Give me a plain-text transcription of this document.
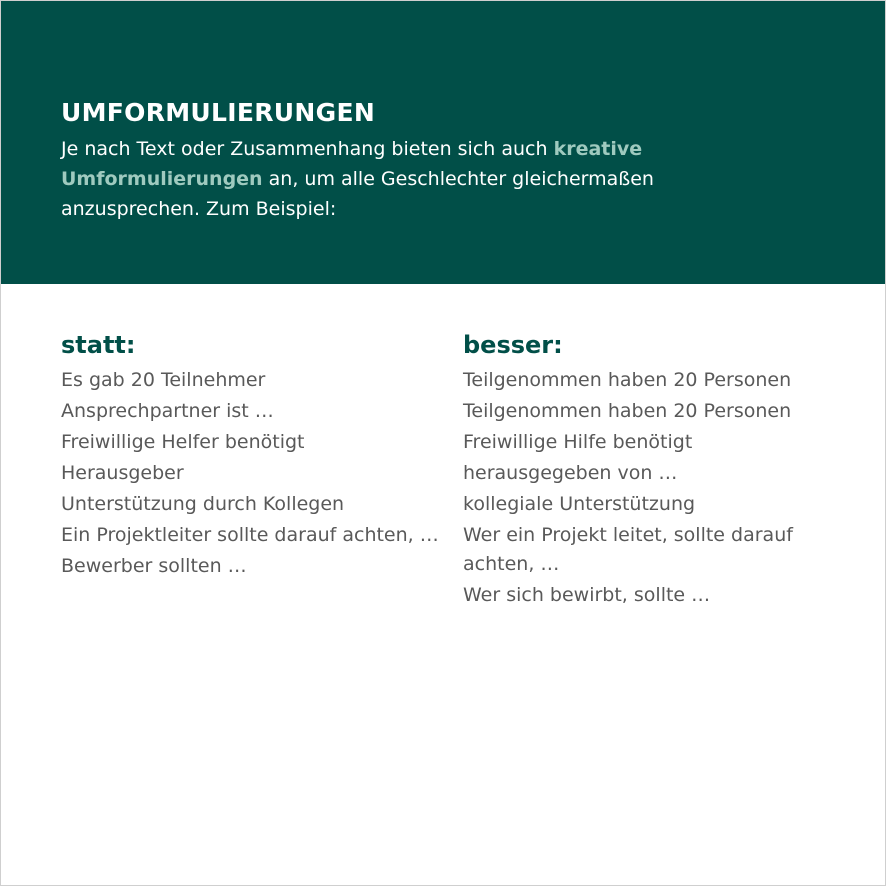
UMFORMULIERUNGEN

Je nach Text oder Zusammenhang bieten sich auch kreative Umformulierungen an, um alle Geschlechter gleichermaßen anzusprechen. Zum Beispiel:

statt:
Es gab 20 Teilnehmer
Ansprechpartner ist …
Freiwillige Helfer benötigt
Herausgeber
Unterstützung durch Kollegen
Ein Projektleiter sollte darauf achten, …
Bewerber sollten …
besser:
Teilgenommen haben 20 Personen
Teilgenommen haben 20 Personen
Freiwillige Hilfe benötigt
herausgegeben von …
kollegiale Unterstützung
Wer ein Projekt leitet, sollte darauf achten, …
Wer sich bewirbt, sollte …
